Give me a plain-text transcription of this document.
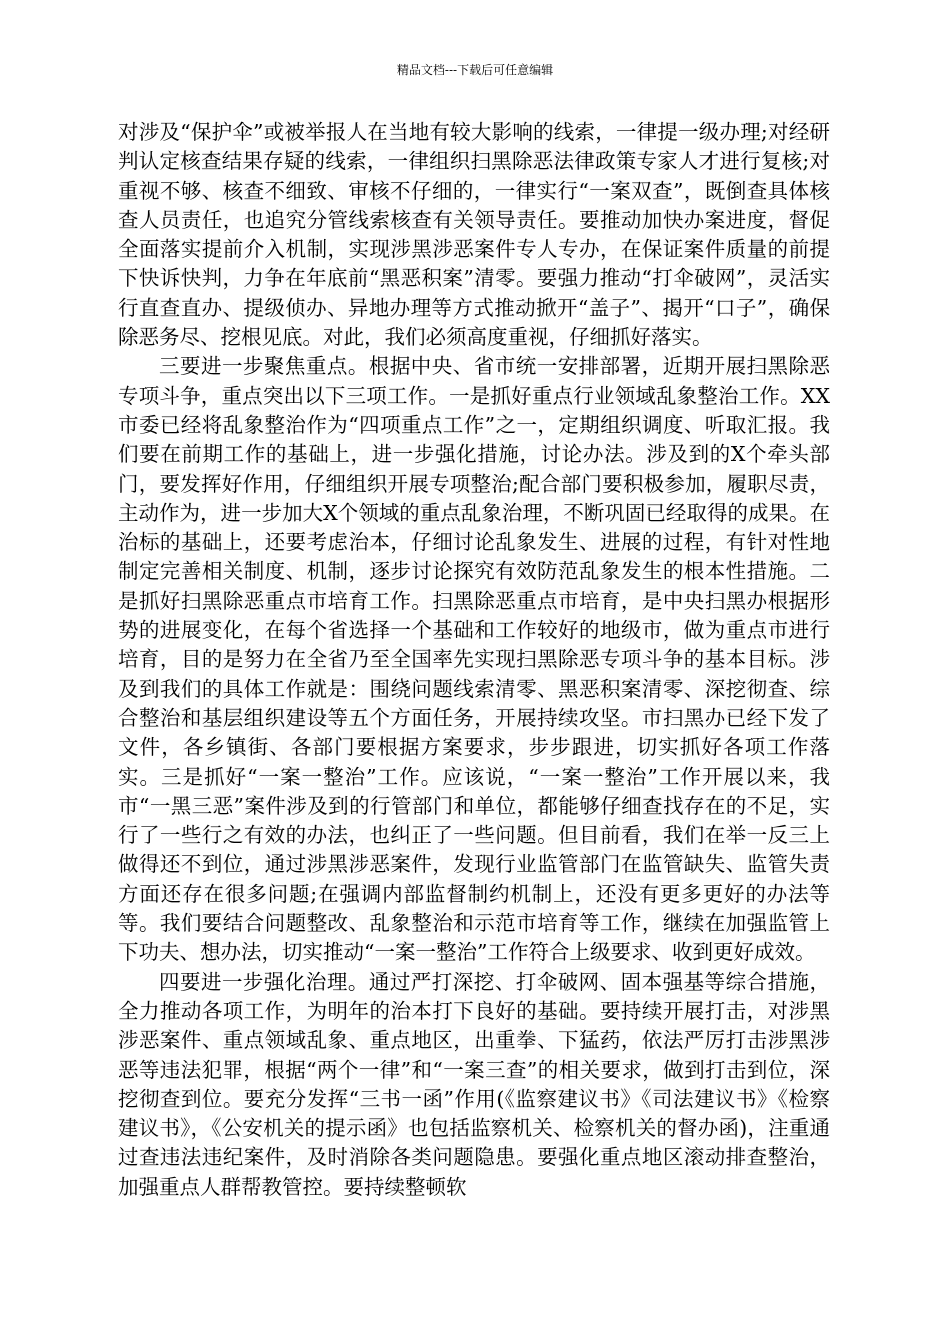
精品文档---下载后可任意编辑

对涉及“保护伞”或被举报人在当地有较大影响的线索，一律提一级办理;对经研判认定核查结果存疑的线索，一律组织扫黑除恶法律政策专家人才进行复核;对重视不够、核查不细致、审核不仔细的，一律实行“一案双查”，既倒查具体核查人员责任，也追究分管线索核查有关领导责任。要推动加快办案进度，督促全面落实提前介入机制，实现涉黑涉恶案件专人专办，在保证案件质量的前提下快诉快判，力争在年底前“黑恶积案”清零。要强力推动“打伞破网”，灵活实行直查直办、提级侦办、异地办理等方式推动掀开“盖子”、揭开“口子”，确保除恶务尽、挖根见底。对此，我们必须高度重视，仔细抓好落实。

三要进一步聚焦重点。根据中央、省市统一安排部署，近期开展扫黑除恶专项斗争，重点突出以下三项工作。一是抓好重点行业领域乱象整治工作。XX市委已经将乱象整治作为“四项重点工作”之一，定期组织调度、听取汇报。我们要在前期工作的基础上，进一步强化措施，讨论办法。涉及到的X个牵头部门，要发挥好作用，仔细组织开展专项整治;配合部门要积极参加，履职尽责，主动作为，进一步加大X个领域的重点乱象治理，不断巩固已经取得的成果。在治标的基础上，还要考虑治本，仔细讨论乱象发生、进展的过程，有针对性地制定完善相关制度、机制，逐步讨论探究有效防范乱象发生的根本性措施。二是抓好扫黑除恶重点市培育工作。扫黑除恶重点市培育，是中央扫黑办根据形势的进展变化，在每个省选择一个基础和工作较好的地级市，做为重点市进行培育，目的是努力在全省乃至全国率先实现扫黑除恶专项斗争的基本目标。涉及到我们的具体工作就是：围绕问题线索清零、黑恶积案清零、深挖彻查、综合整治和基层组织建设等五个方面任务，开展持续攻坚。市扫黑办已经下发了文件，各乡镇街、各部门要根据方案要求，步步跟进，切实抓好各项工作落实。三是抓好“一案一整治”工作。应该说，“一案一整治”工作开展以来，我市“一黑三恶”案件涉及到的行管部门和单位，都能够仔细查找存在的不足，实行了一些行之有效的办法，也纠正了一些问题。但目前看，我们在举一反三上做得还不到位，通过涉黑涉恶案件，发现行业监管部门在监管缺失、监管失责方面还存在很多问题;在强调内部监督制约机制上，还没有更多更好的办法等等。我们要结合问题整改、乱象整治和示范市培育等工作，继续在加强监管上下功夫、想办法，切实推动“一案一整治”工作符合上级要求、收到更好成效。

四要进一步强化治理。通过严打深挖、打伞破网、固本强基等综合措施，全力推动各项工作，为明年的治本打下良好的基础。要持续开展打击，对涉黑涉恶案件、重点领域乱象、重点地区，出重拳、下猛药，依法严厉打击涉黑涉恶等违法犯罪，根据“两个一律”和“一案三查”的相关要求，做到打击到位，深挖彻查到位。要充分发挥“三书一函”作用(《监察建议书》《司法建议书》《检察建议书》，《公安机关的提示函》也包括监察机关、检察机关的督办函)，注重通过查违法违纪案件，及时消除各类问题隐患。要强化重点地区滚动排查整治，加强重点人群帮教管控。要持续整顿软
